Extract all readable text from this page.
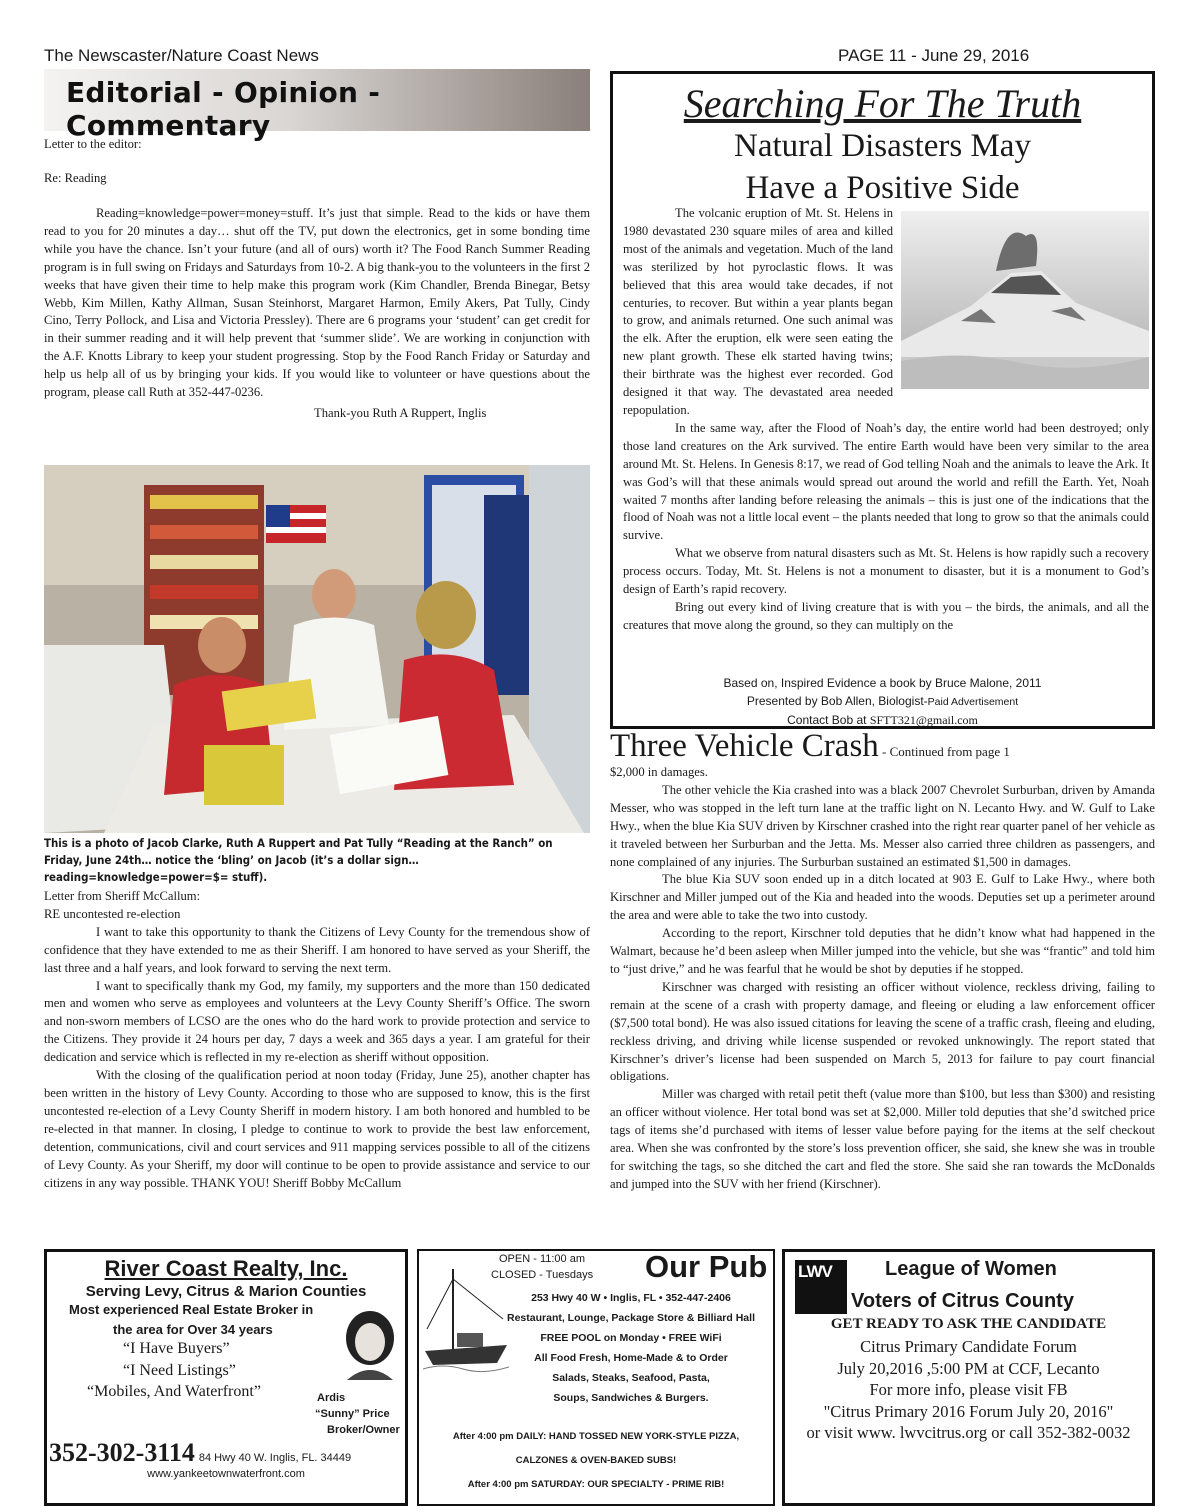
The Newscaster/Nature Coast News	PAGE 11 - June 29, 2016
Editorial - Opinion - Commentary
Letter to the editor:
Re: Reading

Reading=knowledge=power=money=stuff. It’s just that simple. Read to the kids or have them read to you for 20 minutes a day… shut off the TV, put down the electronics, get in some bonding time while you have the chance. Isn’t your future (and all of ours) worth it? The Food Ranch Summer Reading program is in full swing on Fridays and Saturdays from 10-2. A big thank-you to the volunteers in the first 2 weeks that have given their time to help make this program work (Kim Chandler, Brenda Binegar, Betsy Webb, Kim Millen, Kathy Allman, Susan Steinhorst, Margaret Harmon, Emily Akers, Pat Tully, Cindy Cino, Terry Pollock, and Lisa and Victoria Pressley). There are 6 programs your ‘student’ can get credit for in their summer reading and it will help prevent that ‘summer slide’. We are working in conjunction with the A.F. Knotts Library to keep your student progressing. Stop by the Food Ranch Friday or Saturday and help us help all of us by bringing your kids. If you would like to volunteer or have questions about the program, please call Ruth at 352-447-0236.

Thank-you Ruth A Ruppert, Inglis
This is a photo of Jacob Clarke, Ruth A Ruppert and Pat Tully “Reading at the Ranch” on Friday, June 24th… notice the ‘bling’ on Jacob (it’s a dollar sign… reading=knowledge=power=$= stuff).
Letter from Sheriff McCallum:
RE uncontested re-election

I want to take this opportunity to thank the Citizens of Levy County for the tremendous show of confidence that they have extended to me as their Sheriff. I am honored to have served as your Sheriff, the last three and a half years, and look forward to serving the next term.

I want to specifically thank my God, my family, my supporters and the more than 150 dedicated men and women who serve as employees and volunteers at the Levy County Sheriff’s Office. The sworn and non-sworn members of LCSO are the ones who do the hard work to provide protection and service to the Citizens. They provide it 24 hours per day, 7 days a week and 365 days a year. I am grateful for their dedication and service which is reflected in my re-election as sheriff without opposition.

With the closing of the qualification period at noon today (Friday, June 25), another chapter has been written in the history of Levy County. According to those who are supposed to know, this is the first uncontested re-election of a Levy County Sheriff in modern history. I am both honored and humbled to be re-elected in that manner. In closing, I pledge to continue to work to provide the best law enforcement, detention, communications, civil and court services and 911 mapping services possible to all of the citizens of Levy County. As your Sheriff, my door will continue to be open to provide assistance and service to our citizens in any way possible. THANK YOU! Sheriff Bobby McCallum

Searching For The Truth
Natural Disasters May
Have a Positive Side

The volcanic eruption of Mt. St. Helens in 1980 devastated 230 square miles of area and killed most of the animals and vegetation. Much of the land was sterilized by hot pyroclastic flows. It was believed that this area would take decades, if not centuries, to recover. But within a year plants began to grow, and animals returned. One such animal was the elk. After the eruption, elk were seen eating the new plant growth. These elk started having twins; their birthrate was the highest ever recorded. God designed it that way. The devastated area needed repopulation.

In the same way, after the Flood of Noah’s day, the entire world had been destroyed; only those land creatures on the Ark survived. The entire Earth would have been very similar to the area around Mt. St. Helens. In Genesis 8:17, we read of God telling Noah and the animals to leave the Ark. It was God’s will that these animals would spread out around the world and refill the Earth. Yet, Noah waited 7 months after landing before releasing the animals – this is just one of the indications that the flood of Noah was not a little local event – the plants needed that long to grow so that the animals could survive.

What we observe from natural disasters such as Mt. St. Helens is how rapidly such a recovery process occurs. Today, Mt. St. Helens is not a monument to disaster, but it is a monument to God’s design of Earth’s rapid recovery.

Bring out every kind of living creature that is with you – the birds, the animals, and all the creatures that move along the ground, so they can multiply on the

Based on, Inspired Evidence a book by Bruce Malone, 2011
Presented by Bob Allen, Biologist-Paid Advertisement
Contact Bob at SFTT321@gmail.com
Three Vehicle Crash - Continued from page 1

$2,000 in damages.

The other vehicle the Kia crashed into was a black 2007 Chevrolet Surburban, driven by Amanda Messer, who was stopped in the left turn lane at the traffic light on N. Lecanto Hwy. and W. Gulf to Lake Hwy., when the blue Kia SUV driven by Kirschner crashed into the right rear quarter panel of her vehicle as it traveled between her Surburban and the Jetta. Ms. Messer also carried three children as passengers, and none complained of any injuries. The Surburban sustained an estimated $1,500 in damages.

The blue Kia SUV soon ended up in a ditch located at 903 E. Gulf to Lake Hwy., where both Kirschner and Miller jumped out of the Kia and headed into the woods. Deputies set up a perimeter around the area and were able to take the two into custody.

According to the report, Kirschner told deputies that he didn’t know what had happened in the Walmart, because he’d been asleep when Miller jumped into the vehicle, but she was “frantic” and told him to “just drive,” and he was fearful that he would be shot by deputies if he stopped.

Kirschner was charged with resisting an officer without violence, reckless driving, failing to remain at the scene of a crash with property damage, and fleeing or eluding a law enforcement officer ($7,500 total bond). He was also issued citations for leaving the scene of a traffic crash, fleeing and eluding, reckless driving, and driving while license suspended or revoked unknowingly. The report stated that Kirschner’s driver’s license had been suspended on March 5, 2013 for failure to pay court financial obligations.

Miller was charged with retail petit theft (value more than $100, but less than $300) and resisting an officer without violence. Her total bond was set at $2,000. Miller told deputies that she’d switched price tags of items she’d purchased with items of lesser value before paying for the items at the self checkout area. When she was confronted by the store’s loss prevention officer, she said, she knew she was in trouble for switching the tags, so she ditched the cart and fled the store. She said she ran towards the McDonalds and jumped into the SUV with her friend (Kirschner).

River Coast Realty, Inc.
Serving Levy, Citrus & Marion Counties
Most experienced Real Estate Broker in
the area for Over 34 years
“I Have Buyers”
“I Need Listings”
“Mobiles, And Waterfront”	Ardis
“Sunny” Price
Broker/Owner
352-302-3114 84 Hwy 40 W. Inglis, FL. 34449
www.yankeetownwaterfront.com
OPEN - 11:00 am
CLOSED - Tuesdays Our Pub
253 Hwy 40 W • Inglis, FL • 352-447-2406
Restaurant, Lounge, Package Store & Billiard Hall
FREE POOL on Monday • FREE WiFi
All Food Fresh, Home-Made & to Order
Salads, Steaks, Seafood, Pasta,
Soups, Sandwiches & Burgers.
After 4:00 pm DAILY: HAND TOSSED NEW YORK-STYLE PIZZA,
CALZONES & OVEN-BAKED SUBS!
After 4:00 pm SATURDAY: OUR SPECIALTY - PRIME RIB!
LWV	League of Women
Voters of Citrus County
GET READY TO ASK THE CANDIDATE
Citrus Primary Candidate Forum
July 20,2016 ,5:00 PM at CCF, Lecanto
For more info, please visit FB
"Citrus Primary 2016 Forum July 20, 2016"
or visit www. lwvcitrus.org or call 352-382-0032
